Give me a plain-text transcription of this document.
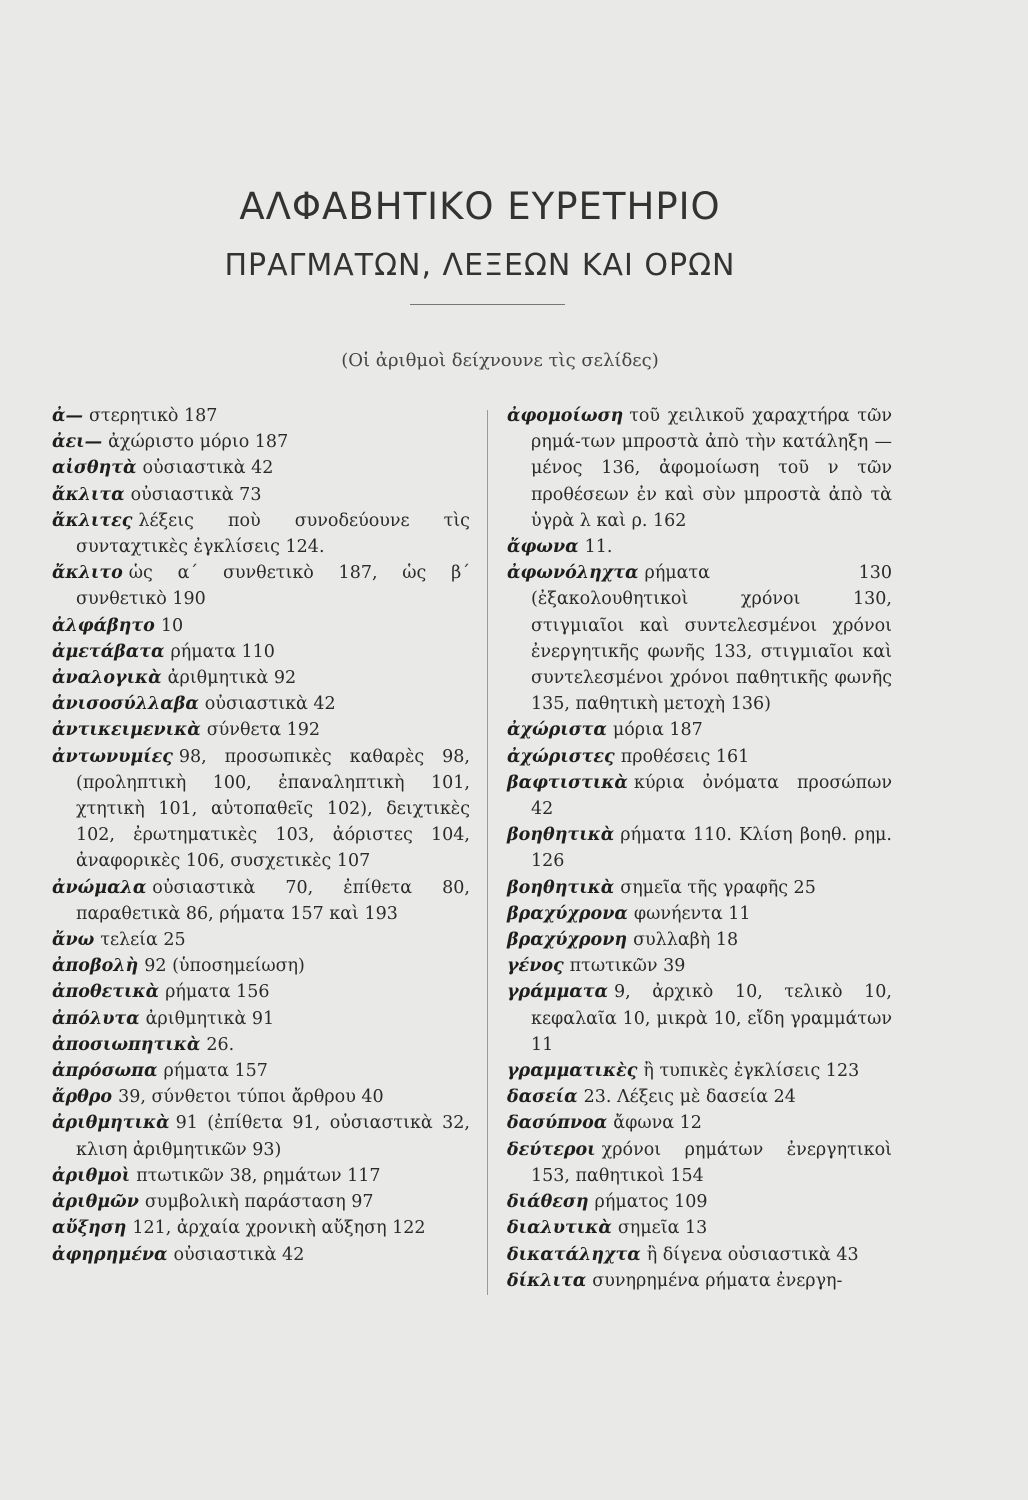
ΑΛΦΑΒΗΤΙΚΟ ΕΥΡΕΤΗΡΙΟ
ΠΡΑΓΜΑΤΩΝ, ΛΕΞΕΩΝ ΚΑΙ ΟΡΩΝ
(Οἱ ἀριθμοὶ δείχνουνε τὶς σελίδες)

ἀ— στερητικὸ 187

ἀει— ἀχώριστο μόριο 187

αἰσθητὰ οὐσιαστικὰ 42

ἄκλιτα οὐσιαστικὰ 73

ἄκλιτες λέξεις ποὺ συνοδεύουνε τὶς συνταχτικὲς ἐγκλίσεις 124.

ἄκλιτο ὡς α΄ συνθετικὸ 187, ὡς β΄ συνθετικὸ 190

ἀλφάβητο 10

ἀμετάβατα ρήματα 110

ἀναλογικὰ ἀριθμητικὰ 92

ἀνισοσύλλαβα οὐσιαστικὰ 42

ἀντικειμενικὰ σύνθετα 192

ἀντωνυμίες 98, προσωπικὲς καθαρὲς 98, (προληπτικὴ 100, ἐπαναληπτικὴ 101, χτητικὴ 101, αὐτοπαθεῖς 102), δειχτικὲς 102, ἐρωτηματικὲς 103, ἀόριστες 104, ἀναφορικὲς 106, συσχετικὲς 107

ἀνώμαλα οὐσιαστικὰ 70, ἐπίθετα 80, παραθετικὰ 86, ρήματα 157 καὶ 193

ἄνω τελεία 25

ἀποβολὴ 92 (ὑποσημείωση)

ἀποθετικὰ ρήματα 156

ἀπόλυτα ἀριθμητικὰ 91

ἀποσιωπητικὰ 26.

ἀπρόσωπα ρήματα 157

ἄρθρο 39, σύνθετοι τύποι ἄρθρου 40

ἀριθμητικὰ 91 (ἐπίθετα 91, οὐσιαστικὰ 32, κλιση ἀριθμητικῶν 93)

ἀριθμοὶ πτωτικῶν 38, ρημάτων 117

ἀριθμῶν συμβολικὴ παράσταση 97

αὔξηση 121, ἀρχαία χρονικὴ αὔξηση 122

ἀφηρημένα οὐσιαστικὰ 42

ἀφομοίωση τοῦ χειλικοῦ χαραχτήρα τῶν ρημά-των μπροστὰ ἀπὸ τὴν κατάληξη —μένος 136, ἀφομοίωση τοῦ ν τῶν προθέσεων ἐν καὶ σὺν μπροστὰ ἀπὸ τὰ ὑγρὰ λ καὶ ρ. 162

ἄφωνα 11.

ἀφωνόληχτα ρήματα 130 (ἐξακολουθητικοὶ χρόνοι 130, στιγμιαῖοι καὶ συντελεσμένοι χρόνοι ἐνεργητικῆς φωνῆς 133, στιγμιαῖοι καὶ συντελεσμένοι χρόνοι παθητικῆς φωνῆς 135, παθητικὴ μετοχὴ 136)

ἀχώριστα μόρια 187

ἀχώριστες προθέσεις 161

βαφτιστικὰ κύρια ὀνόματα προσώπων 42

βοηθητικὰ ρήματα 110. Κλίση βοηθ. ρημ. 126

βοηθητικὰ σημεῖα τῆς γραφῆς 25

βραχύχρονα φωνήεντα 11

βραχύχρονη συλλαβὴ 18

γένος πτωτικῶν 39

γράμματα 9, ἀρχικὸ 10, τελικὸ 10, κεφαλαῖα 10, μικρὰ 10, εἴδη γραμμάτων 11

γραμματικὲς ἢ τυπικὲς ἐγκλίσεις 123

δασεία 23. Λέξεις μὲ δασεία 24

δασύπνοα ἄφωνα 12

δεύτεροι χρόνοι ρημάτων ἐνεργητικοὶ 153, παθητικοὶ 154

διάθεση ρήματος 109

διαλυτικὰ σημεῖα 13

δικατάληχτα ἢ δίγενα οὐσιαστικὰ 43

δίκλιτα συνηρημένα ρήματα ἐνεργη-
